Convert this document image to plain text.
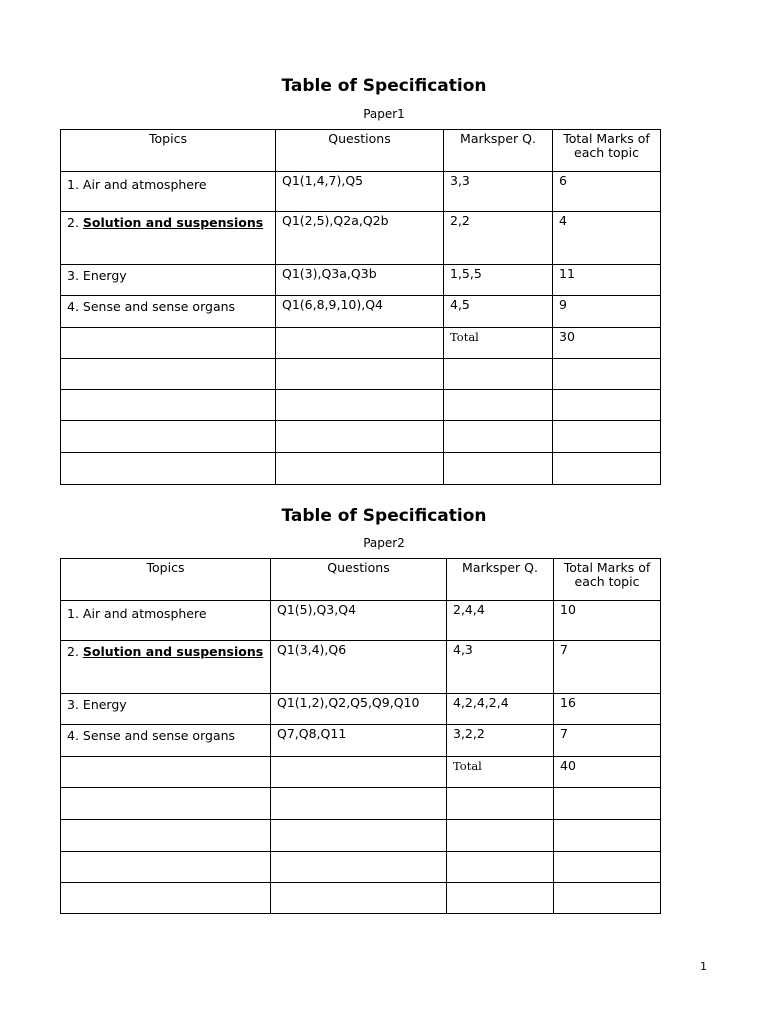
Table of Specification
Paper1
Topics	Questions	Marksper Q.	Total Marks of each topic
1. Air and atmosphere	Q1(1,4,7),Q5	3,3	6
2. Solution and suspensions	Q1(2,5),Q2a,Q2b	2,2	4
3. Energy	Q1(3),Q3a,Q3b	1,5,5	11
4. Sense and sense organs	Q1(6,8,9,10),Q4	4,5	9
		Total	30

Table of Specification
Paper2
Topics	Questions	Marksper Q.	Total Marks of each topic
1. Air and atmosphere	Q1(5),Q3,Q4	2,4,4	10
2. Solution and suspensions	Q1(3,4),Q6	4,3	7
3. Energy	Q1(1,2),Q2,Q5,Q9,Q10	4,2,4,2,4	16
4. Sense and sense organs	Q7,Q8,Q11	3,2,2	7
		Total	40

1
